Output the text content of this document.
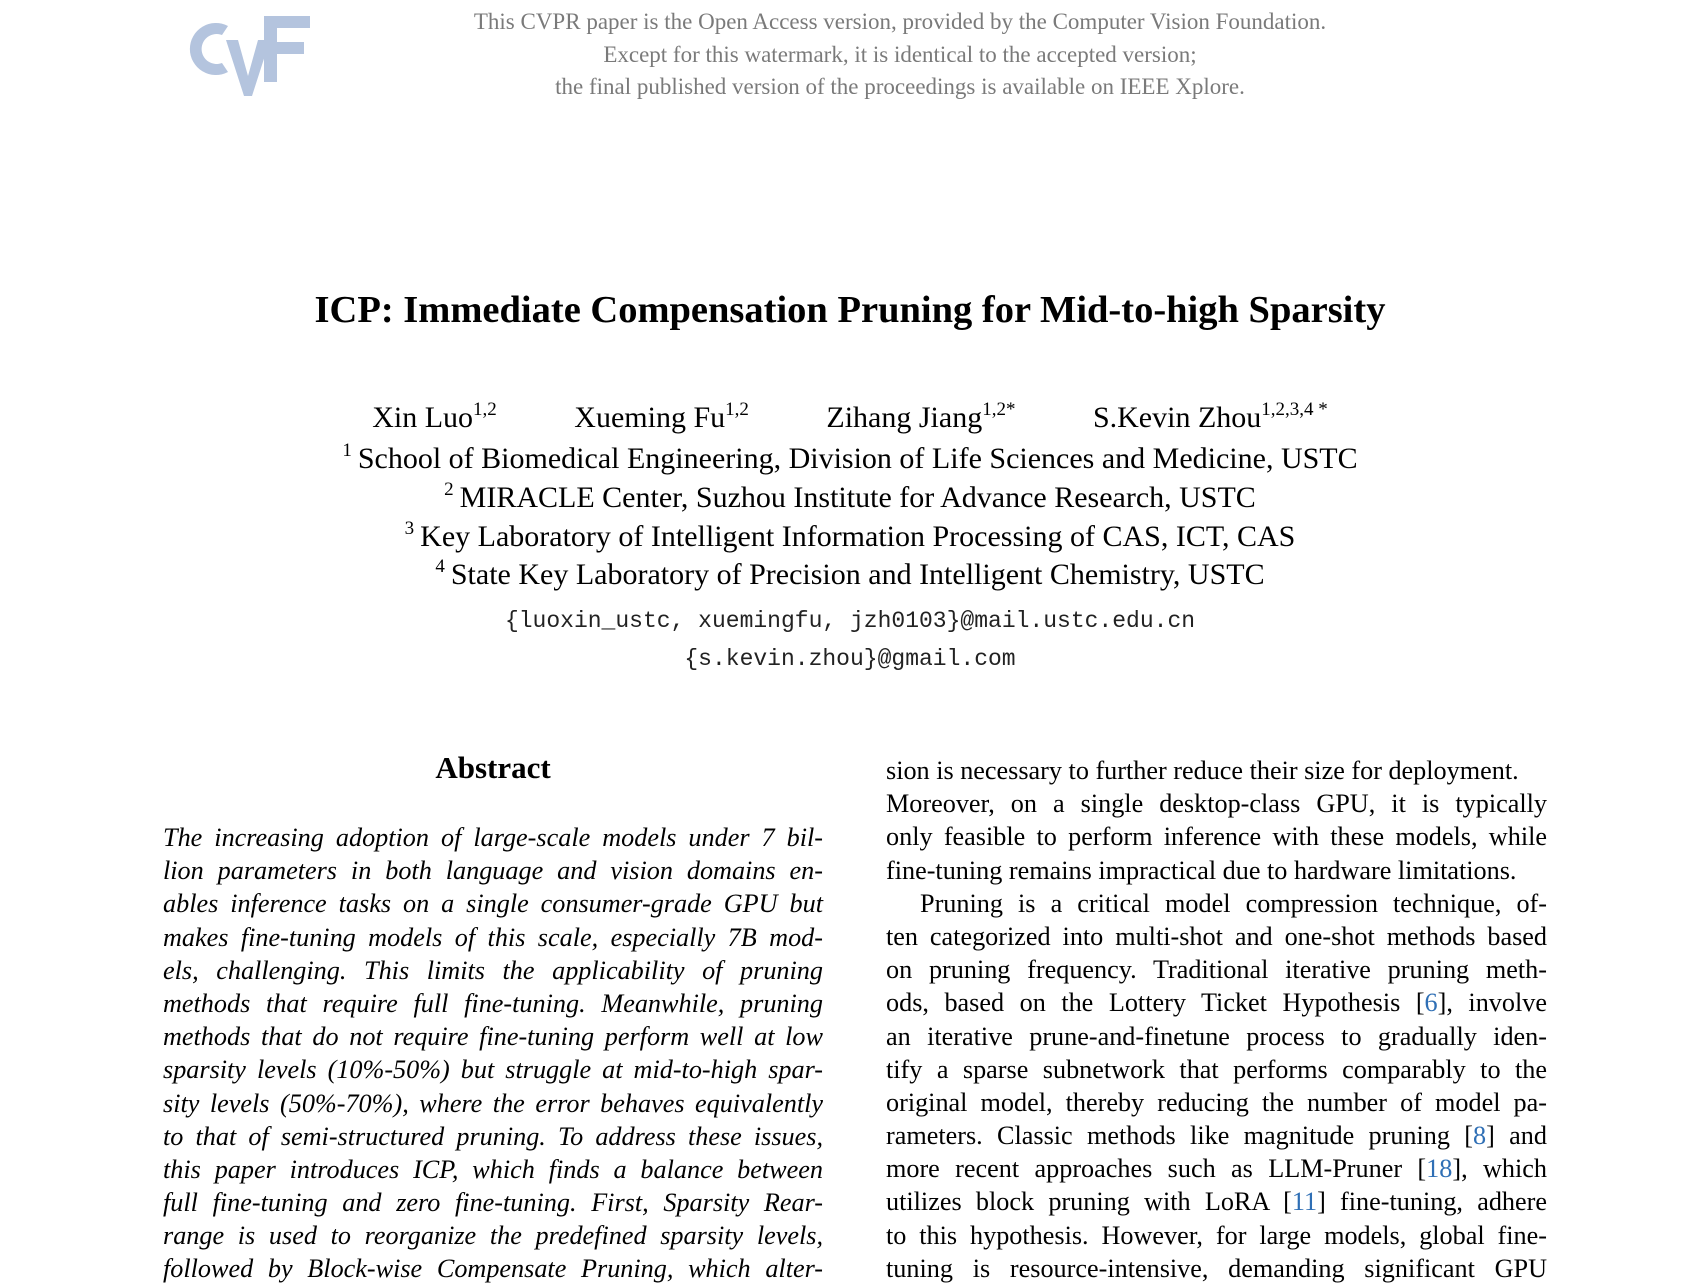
This CVPR paper is the Open Access version, provided by the Computer Vision Foundation.
Except for this watermark, it is identical to the accepted version;
the final published version of the proceedings is available on IEEE Xplore.
ICP: Immediate Compensation Pruning for Mid-to-high Sparsity
Xin Luo$^{1,2}$	Xueming Fu$^{1,2}$	Zihang Jiang$^{1,2*}$	S.Kevin Zhou$^{1,2,3,4 *}$
$^1$ School of Biomedical Engineering, Division of Life Sciences and Medicine, USTC
$^2$ MIRACLE Center, Suzhou Institute for Advance Research, USTC
$^3$ Key Laboratory of Intelligent Information Processing of CAS, ICT, CAS
$^4$ State Key Laboratory of Precision and Intelligent Chemistry, USTC
{luoxin_ustc, xuemingfu, jzh0103}@mail.ustc.edu.cn
{s.kevin.zhou}@gmail.com
Abstract
The increasing adoption of large-scale models under 7 bil-
lion parameters in both language and vision domains en-
ables inference tasks on a single consumer-grade GPU but
makes fine-tuning models of this scale, especially 7B mod-
els, challenging. This limits the applicability of pruning
methods that require full fine-tuning. Meanwhile, pruning
methods that do not require fine-tuning perform well at low
sparsity levels (10%-50%) but struggle at mid-to-high spar-
sity levels (50%-70%), where the error behaves equivalently
to that of semi-structured pruning. To address these issues,
this paper introduces ICP, which finds a balance between
full fine-tuning and zero fine-tuning. First, Sparsity Rear-
range is used to reorganize the predefined sparsity levels,
followed by Block-wise Compensate Pruning, which alter-
sion is necessary to further reduce their size for deployment.
Moreover, on a single desktop-class GPU, it is typically
only feasible to perform inference with these models, while
fine-tuning remains impractical due to hardware limitations.
Pruning is a critical model compression technique, of-
ten categorized into multi-shot and one-shot methods based
on pruning frequency. Traditional iterative pruning meth-
ods, based on the Lottery Ticket Hypothesis [6], involve
an iterative prune-and-finetune process to gradually iden-
tify a sparse subnetwork that performs comparably to the
original model, thereby reducing the number of model pa-
rameters. Classic methods like magnitude pruning [8] and
more recent approaches such as LLM-Pruner [18], which
utilizes block pruning with LoRA [11] fine-tuning, adhere
to this hypothesis. However, for large models, global fine-
tuning is resource-intensive, demanding significant GPU
